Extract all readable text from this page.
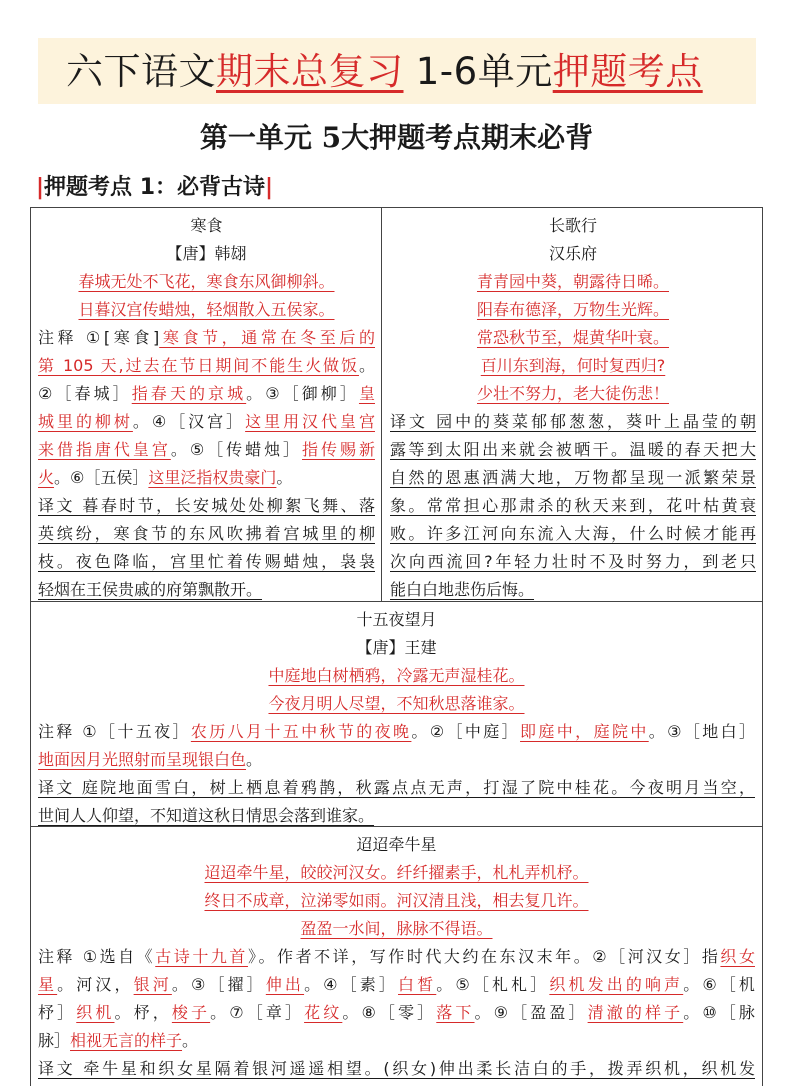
六下语文期末总复习 1-6单元押题考点
第一单元 5大押题考点期末必背
|押题考点 1：必背古诗|
寒食
【唐】韩翃
春城无处不飞花，寒食东风御柳斜。
日暮汉宫传蜡烛，轻烟散入五侯家。
注释 ①[寒食]寒食节，通常在冬至后的
第 105 天,过去在节日期间不能生火做饭。
②［春城］指春天的京城。③［御柳］皇
城里的柳树。④［汉宫］这里用汉代皇宫
来借指唐代皇宫。⑤［传蜡烛］指传赐新
火。⑥［五侯］这里泛指权贵豪门。
译文 暮春时节，长安城处处柳絮飞舞、落
英缤纷，寒食节的东风吹拂着宫城里的柳
枝。夜色降临，宫里忙着传赐蜡烛，袅袅
轻烟在王侯贵戚的府第飘散开。
长歌行
汉乐府
青青园中葵，朝露待日晞。
阳春布德泽，万物生光辉。
常恐秋节至，焜黄华叶衰。
百川东到海，何时复西归?
少壮不努力，老大徒伤悲！
译文 园中的葵菜郁郁葱葱，葵叶上晶莹的朝
露等到太阳出来就会被晒干。温暖的春天把大
自然的恩惠洒满大地，万物都呈现一派繁荣景
象。常常担心那肃杀的秋天来到，花叶枯黄衰
败。许多江河向东流入大海，什么时候才能再
次向西流回?年轻力壮时不及时努力，到老只
能白白地悲伤后悔。
十五夜望月
【唐】王建
中庭地白树栖鸦，冷露无声湿桂花。
今夜月明人尽望，不知秋思落谁家。
注释 ①［十五夜］农历八月十五中秋节的夜晚。②［中庭］即庭中，庭院中。③［地白］
地面因月光照射而呈现银白色。
译文 庭院地面雪白，树上栖息着鸦鹊，秋露点点无声，打湿了院中桂花。今夜明月当空，
世间人人仰望，不知道这秋日情思会落到谁家。
迢迢牵牛星
迢迢牵牛星，皎皎河汉女。纤纤擢素手，札札弄机杼。
终日不成章，泣涕零如雨。河汉清且浅，相去复几许。
盈盈一水间，脉脉不得语。
注释 ①选自《古诗十九首》。作者不详，写作时代大约在东汉末年。②［河汉女］指织女
星。河汉，银河。③［擢］伸出。④［素］白皙。⑤［札札］织机发出的响声。⑥［机
杼］织机。杼，梭子。⑦［章］花纹。⑧［零］落下。⑨［盈盈］清澈的样子。⑩［脉
脉］相视无言的样子。
译文 牵牛星和织女星隔着银河遥遥相望。(织女)伸出柔长洁白的手，拨弄织机，织机发
